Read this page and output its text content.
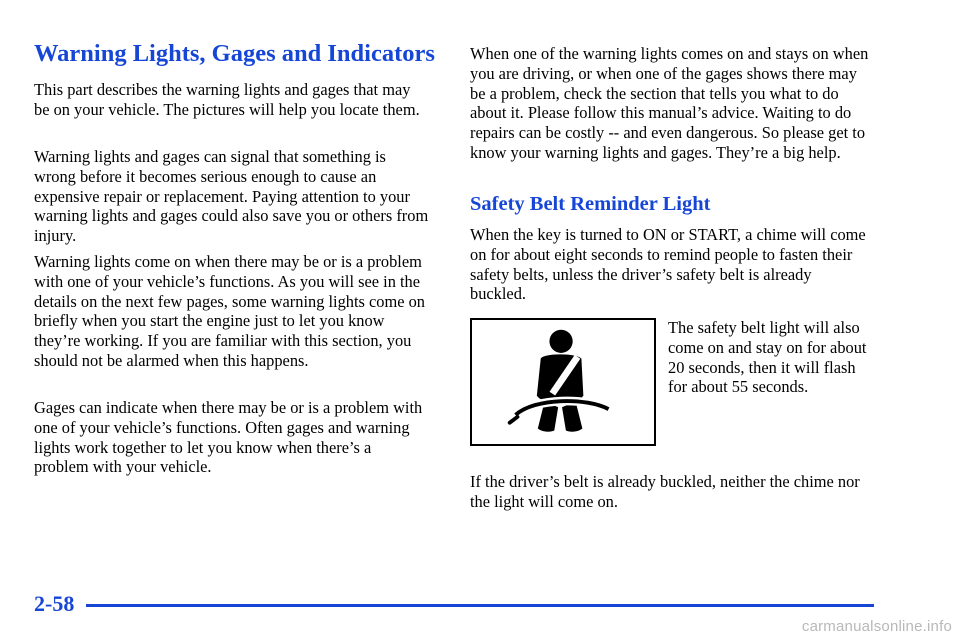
Warning Lights, Gages and Indicators

This part describes the warning lights and gages that may be on your vehicle. The pictures will help you locate them.

Warning lights and gages can signal that something is wrong before it becomes serious enough to cause an expensive repair or replacement. Paying attention to your warning lights and gages could also save you or others from injury.

Warning lights come on when there may be or is a problem with one of your vehicle’s functions. As you will see in the details on the next few pages, some warning lights come on briefly when you start the engine just to let you know they’re working. If you are familiar with this section, you should not be alarmed when this happens.

Gages can indicate when there may be or is a problem with one of your vehicle’s functions. Often gages and warning lights work together to let you know when there’s a problem with your vehicle.

When one of the warning lights comes on and stays on when you are driving, or when one of the gages shows there may be a problem, check the section that tells you what to do about it. Please follow this manual’s advice. Waiting to do repairs can be costly -- and even dangerous. So please get to know your warning lights and gages. They’re a big help.

Safety Belt Reminder Light

When the key is turned to ON or START, a chime will come on for about eight seconds to remind people to fasten their safety belts, unless the driver’s safety belt is already buckled.

The safety belt light will also come on and stay on for about 20 seconds, then it will flash for about 55 seconds.

If the driver’s belt is already buckled, neither the chime nor the light will come on.

2-58
carmanualsonline.info
